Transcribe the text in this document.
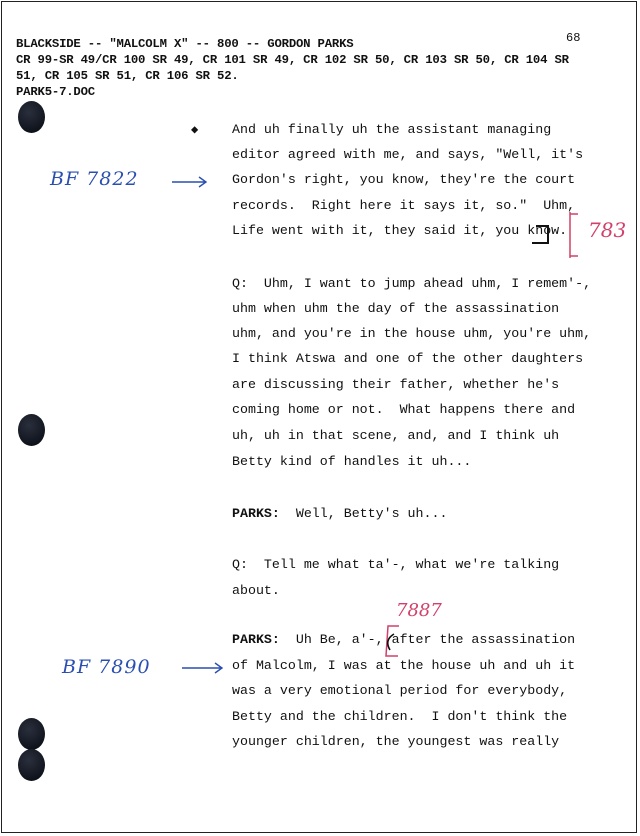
BLACKSIDE -- "MALCOLM X" -- 800 -- GORDON PARKS
CR 99-SR 49/CR 100 SR 49, CR 101 SR 49, CR 102 SR 50, CR 103 SR 50, CR 104 SR
51, CR 105 SR 51, CR 106 SR 52.
PARK5-7.DOC
68
◆	And uh finally uh the assistant managing
editor agreed with me, and says, "Well, it's
Gordon's right, you know, they're the court
records.  Right here it says it, so."  Uhm,
Life went with it, they said it, you know.
Q:  Uhm, I want to jump ahead uhm, I remem'-,
uhm when uhm the day of the assassination
uhm, and you're in the house uhm, you're uhm,
I think Atswa and one of the other daughters
are discussing their father, whether he's
coming home or not.  What happens there and
uh, uh in that scene, and, and I think uh
Betty kind of handles it uh...
PARKS:  Well, Betty's uh...
Q:  Tell me what ta'-, what we're talking
about.
PARKS:  Uh Be, a'-, after the assassination
of Malcolm, I was at the house uh and uh it
was a very emotional period for everybody,
Betty and the children.  I don't think the
younger children, the youngest was really
BF 7822
BF 7890
783
7887
